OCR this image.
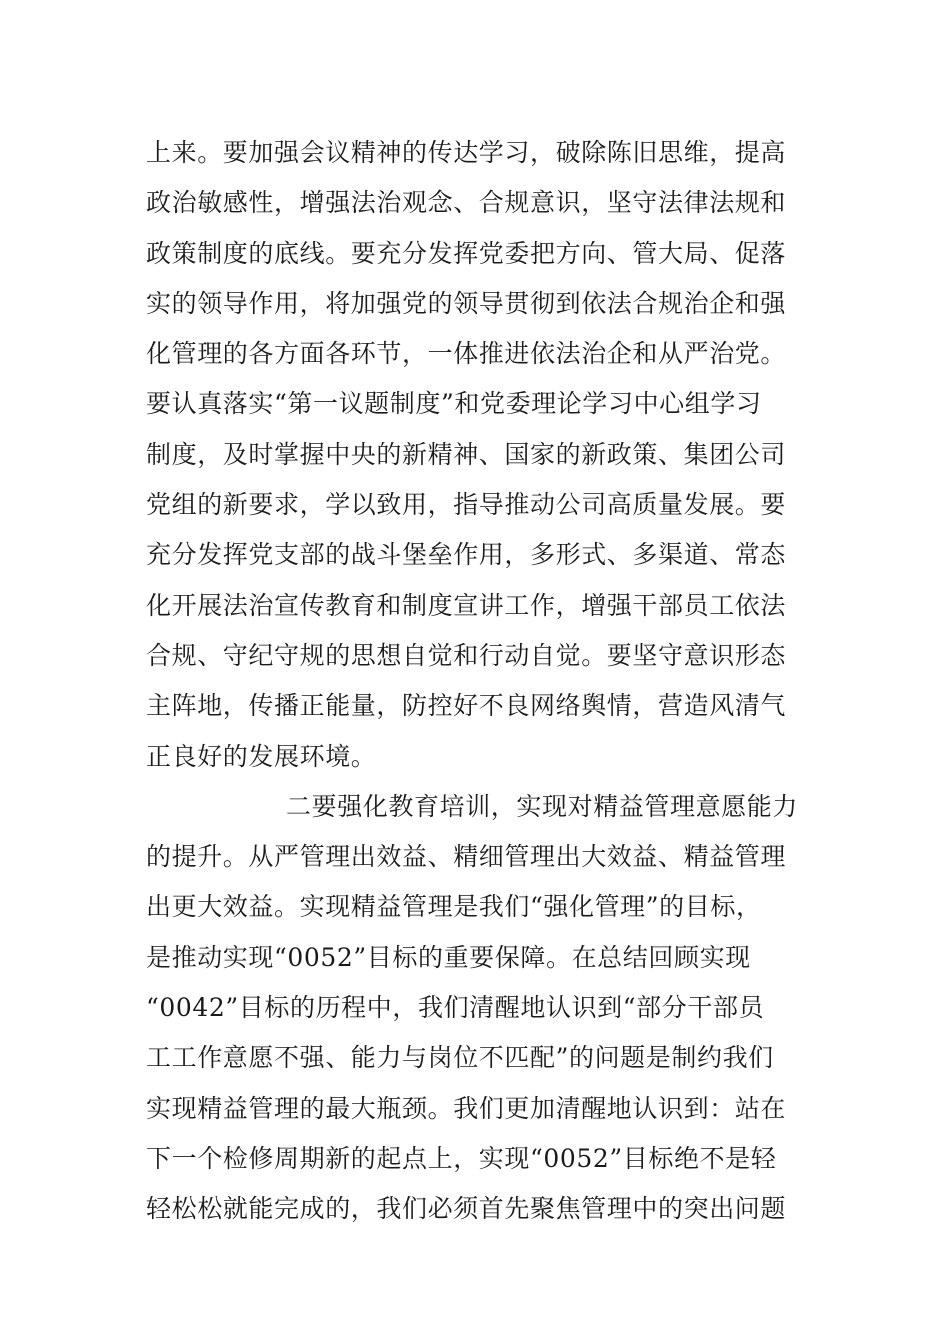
上来。要加强会议精神的传达学习，破除陈旧思维，提高
政治敏感性，增强法治观念、合规意识，坚守法律法规和
政策制度的底线。要充分发挥党委把方向、管大局、促落
实的领导作用，将加强党的领导贯彻到依法合规治企和强
化管理的各方面各环节，一体推进依法治企和从严治党。
要认真落实“第一议题制度”和党委理论学习中心组学习
制度，及时掌握中央的新精神、国家的新政策、集团公司
党组的新要求，学以致用，指导推动公司高质量发展。要
充分发挥党支部的战斗堡垒作用，多形式、多渠道、常态
化开展法治宣传教育和制度宣讲工作，增强干部员工依法
合规、守纪守规的思想自觉和行动自觉。要坚守意识形态
主阵地，传播正能量，防控好不良网络舆情，营造风清气
正良好的发展环境。
二要强化教育培训，实现对精益管理意愿能力
的提升。从严管理出效益、精细管理出大效益、精益管理
出更大效益。实现精益管理是我们“强化管理”的目标，
是推动实现“0052”目标的重要保障。在总结回顾实现
“0042”目标的历程中，我们清醒地认识到“部分干部员
工工作意愿不强、能力与岗位不匹配”的问题是制约我们
实现精益管理的最大瓶颈。我们更加清醒地认识到：站在
下一个检修周期新的起点上，实现“0052”目标绝不是轻
轻松松就能完成的，我们必须首先聚焦管理中的突出问题
